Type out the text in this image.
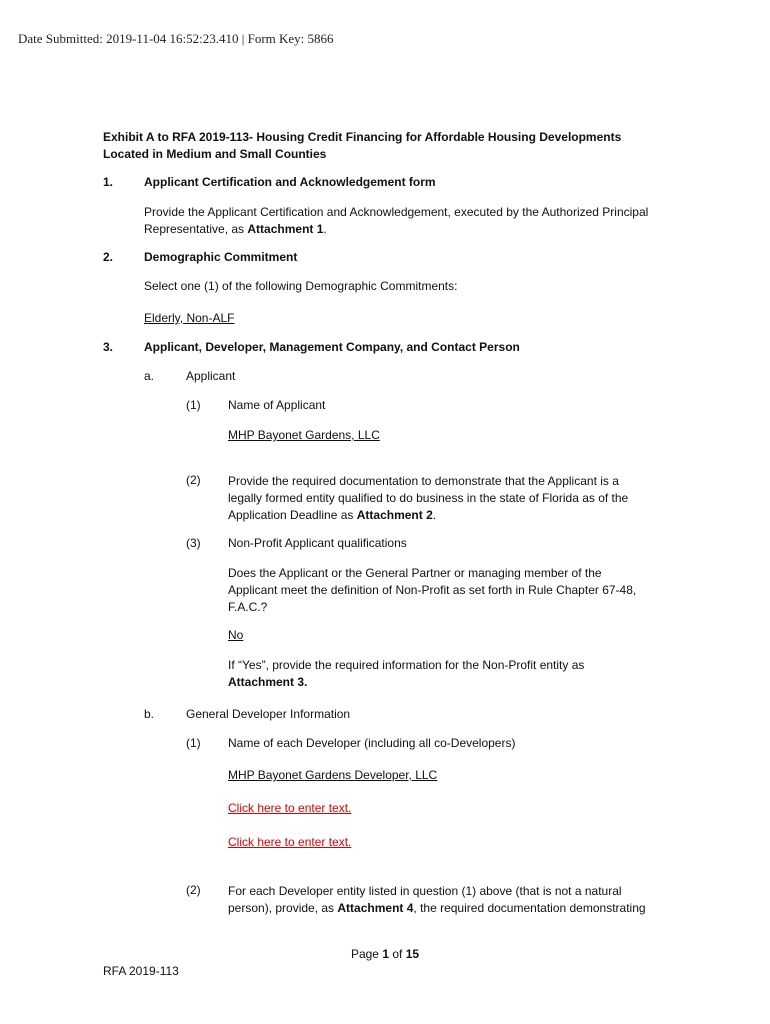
Date Submitted: 2019-11-04 16:52:23.410 | Form Key: 5866
Exhibit A to RFA 2019-113- Housing Credit Financing for Affordable Housing Developments Located in Medium and Small Counties
1.	Applicant Certification and Acknowledgement form
Provide the Applicant Certification and Acknowledgement, executed by the Authorized Principal Representative, as Attachment 1.
2.	Demographic Commitment
Select one (1) of the following Demographic Commitments:
Elderly, Non-ALF
3.	Applicant, Developer, Management Company, and Contact Person
a.	Applicant
(1) Name of Applicant
MHP Bayonet Gardens, LLC
(2) Provide the required documentation to demonstrate that the Applicant is a legally formed entity qualified to do business in the state of Florida as of the Application Deadline as Attachment 2.
(3) Non-Profit Applicant qualifications
Does the Applicant or the General Partner or managing member of the Applicant meet the definition of Non-Profit as set forth in Rule Chapter 67-48, F.A.C.?
No
If “Yes”, provide the required information for the Non-Profit entity as Attachment 3.
b.	General Developer Information
(1) Name of each Developer (including all co-Developers)
MHP Bayonet Gardens Developer, LLC
Click here to enter text.
Click here to enter text.
(2) For each Developer entity listed in question (1) above (that is not a natural person), provide, as Attachment 4, the required documentation demonstrating
Page 1 of 15
RFA 2019-113
